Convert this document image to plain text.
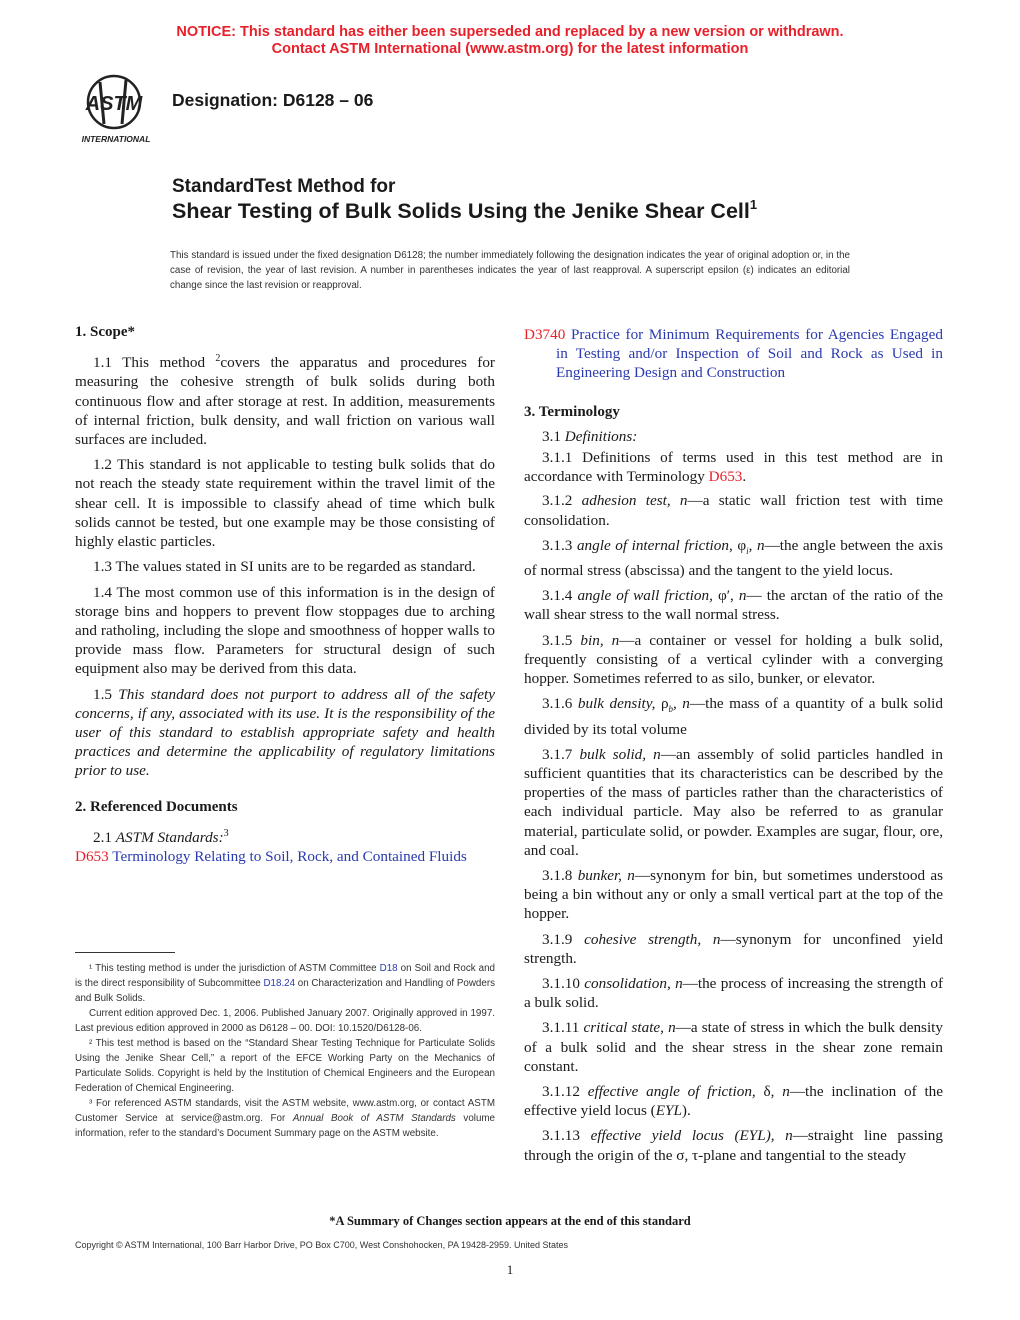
NOTICE: This standard has either been superseded and replaced by a new version or withdrawn.
Contact ASTM International (www.astm.org) for the latest information
ASTM
INTERNATIONAL
Designation: D6128 – 06
StandardTest Method for
Shear Testing of Bulk Solids Using the Jenike Shear Cell$^1$
This standard is issued under the fixed designation D6128; the number immediately following the designation indicates the year of original adoption or, in the case of revision, the year of last revision. A number in parentheses indicates the year of last reapproval. A superscript epsilon (ε) indicates an editorial change since the last revision or reapproval.

1. Scope*

1.1 This method $^2$covers the apparatus and procedures for measuring the cohesive strength of bulk solids during both continuous flow and after storage at rest. In addition, measurements of internal friction, bulk density, and wall friction on various wall surfaces are included.

1.2 This standard is not applicable to testing bulk solids that do not reach the steady state requirement within the travel limit of the shear cell. It is impossible to classify ahead of time which bulk solids cannot be tested, but one example may be those consisting of highly elastic particles.

1.3 The values stated in SI units are to be regarded as standard.

1.4 The most common use of this information is in the design of storage bins and hoppers to prevent flow stoppages due to arching and ratholing, including the slope and smoothness of hopper walls to provide mass flow. Parameters for structural design of such equipment also may be derived from this data.

1.5 This standard does not purport to address all of the safety concerns, if any, associated with its use. It is the responsibility of the user of this standard to establish appropriate safety and health practices and determine the applicability of regulatory limitations prior to use.

2. Referenced Documents

2.1 ASTM Standards:$^3$

D653 Terminology Relating to Soil, Rock, and Contained Fluids

¹ This testing method is under the jurisdiction of ASTM Committee D18 on Soil and Rock and is the direct responsibility of Subcommittee D18.24 on Characterization and Handling of Powders and Bulk Solids.

Current edition approved Dec. 1, 2006. Published January 2007. Originally approved in 1997. Last previous edition approved in 2000 as D6128 – 00. DOI: 10.1520/D6128-06.

² This test method is based on the “Standard Shear Testing Technique for Particulate Solids Using the Jenike Shear Cell,” a report of the EFCE Working Party on the Mechanics of Particulate Solids. Copyright is held by the Institution of Chemical Engineers and the European Federation of Chemical Engineering.

³ For referenced ASTM standards, visit the ASTM website, www.astm.org, or contact ASTM Customer Service at service@astm.org. For Annual Book of ASTM Standards volume information, refer to the standard’s Document Summary page on the ASTM website.

D3740 Practice for Minimum Requirements for Agencies Engaged in Testing and/or Inspection of Soil and Rock as Used in Engineering Design and Construction

3. Terminology

3.1 Definitions:

3.1.1 Definitions of terms used in this test method are in accordance with Terminology D653.

3.1.2 adhesion test, n—a static wall friction test with time consolidation.

3.1.3 angle of internal friction, $\varphi_i$, n—the angle between the axis of normal stress (abscissa) and the tangent to the yield locus.

3.1.4 angle of wall friction, φ′, n— the arctan of the ratio of the wall shear stress to the wall normal stress.

3.1.5 bin, n—a container or vessel for holding a bulk solid, frequently consisting of a vertical cylinder with a converging hopper. Sometimes referred to as silo, bunker, or elevator.

3.1.6 bulk density, $\rho_b$, n—the mass of a quantity of a bulk solid divided by its total volume

3.1.7 bulk solid, n—an assembly of solid particles handled in sufficient quantities that its characteristics can be described by the properties of the mass of particles rather than the characteristics of each individual particle. May also be referred to as granular material, particulate solid, or powder. Examples are sugar, flour, ore, and coal.

3.1.8 bunker, n—synonym for bin, but sometimes understood as being a bin without any or only a small vertical part at the top of the hopper.

3.1.9 cohesive strength, n—synonym for unconfined yield strength.

3.1.10 consolidation, n—the process of increasing the strength of a bulk solid.

3.1.11 critical state, n—a state of stress in which the bulk density of a bulk solid and the shear stress in the shear zone remain constant.

3.1.12 effective angle of friction, δ, n—the inclination of the effective yield locus (EYL).

3.1.13 effective yield locus (EYL), n—straight line passing through the origin of the σ, τ-plane and tangential to the steady

*A Summary of Changes section appears at the end of this standard
Copyright © ASTM International, 100 Barr Harbor Drive, PO Box C700, West Conshohocken, PA 19428-2959. United States
1
